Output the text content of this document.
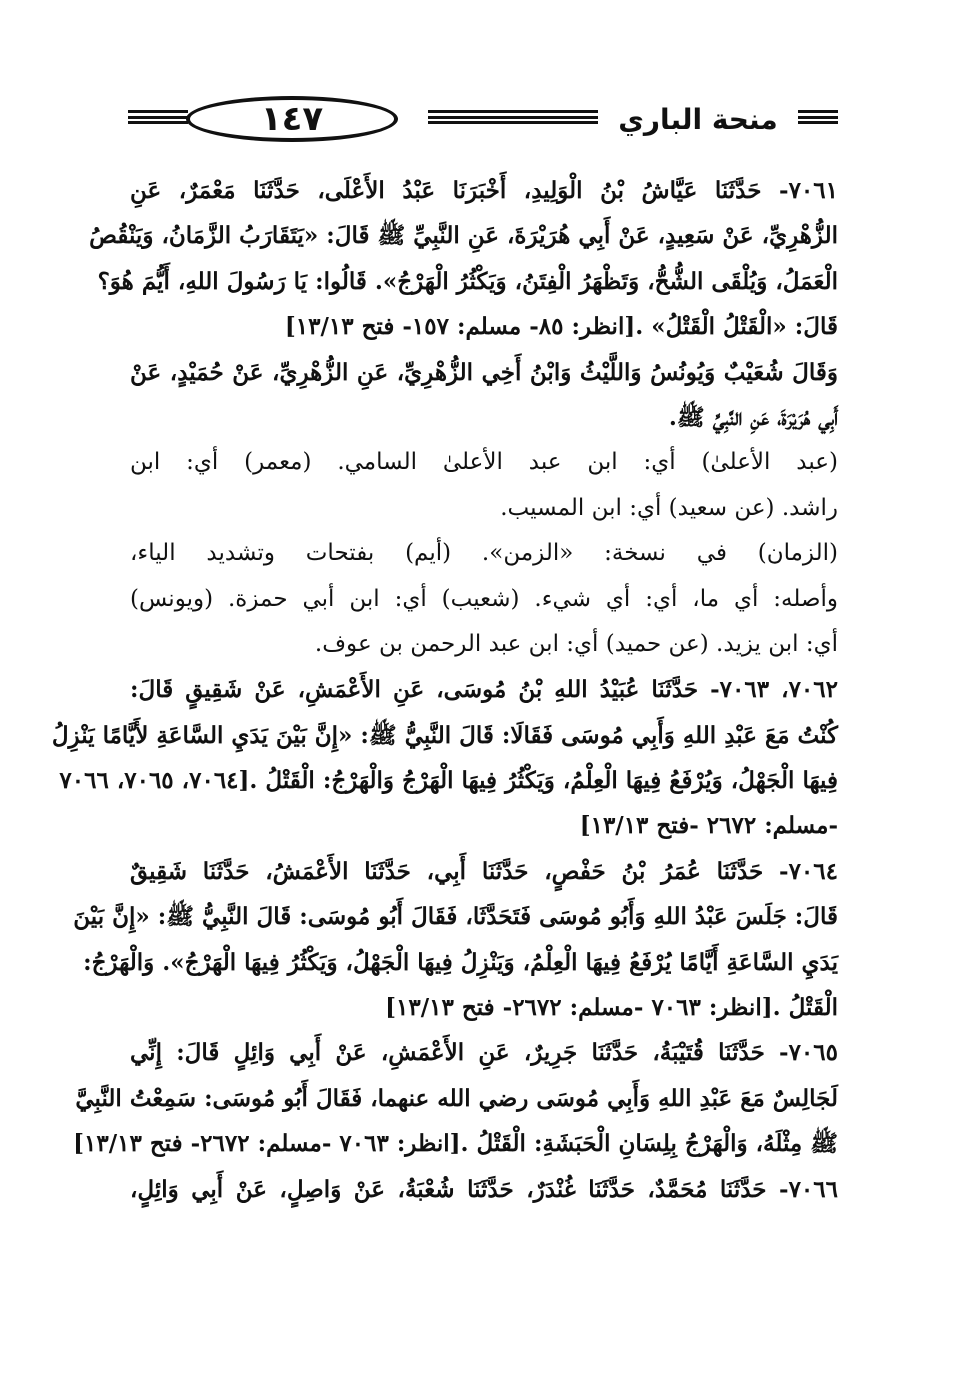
١٤٧	منحة الباري
٧٠٦١- حَدَّثَنَا عَيَّاشُ بْنُ الْوَلِيدِ، أَخْبَرَنَا عَبْدُ الأَعْلَى، حَدَّثَنَا مَعْمَرٌ، عَنِ
الزُّهْرِيِّ، عَنْ سَعِيدٍ، عَنْ أَبِي هُرَيْرَةَ، عَنِ النَّبِيِّ ﷺ قَالَ: «يَتَقَارَبُ الزَّمَانُ، وَيَنْقُصُ
الْعَمَلُ، وَيُلْقَى الشُّحُّ، وَتَظْهَرُ الْفِتَنُ، وَيَكْثُرُ الْهَرْجُ». قَالُوا: يَا رَسُولَ اللهِ، أَيُّمَ هُوَ؟
قَالَ: «الْقَتْلُ الْقَتْلُ» .[انظر: ٨٥- مسلم: ١٥٧- فتح ١٣/١٣]
وَقَالَ شُعَيْبٌ وَيُونُسُ وَاللَّيْثُ وَابْنُ أَخِي الزُّهْرِيِّ، عَنِ الزُّهْرِيِّ، عَنْ حُمَيْدٍ، عَنْ
أَبِي هُرَيْرَةَ، عَنِ النَّبِيِّ ﷺ.
(عبد الأعلىٰ) أي: ابن عبد الأعلىٰ السامي. (معمر) أي: ابن
راشد. (عن سعيد) أي: ابن المسيب.
(الزمان) في نسخة: «الزمن». (أيم) بفتحات وتشديد الياء،
وأصله: أي ما، أي: أي شيء. (شعيب) أي: ابن أبي حمزة. (ويونس)
أي: ابن يزيد. (عن حميد) أي: ابن عبد الرحمن بن عوف.
٧٠٦٢، ٧٠٦٣- حَدَّثَنَا عُبَيْدُ اللهِ بْنُ مُوسَى، عَنِ الأَعْمَشِ، عَنْ شَقِيقٍ قَالَ:
كُنْتُ مَعَ عَبْدِ اللهِ وَأَبِي مُوسَى فَقَالَا: قَالَ النَّبِيُّ ﷺ: «إِنَّ بَيْنَ يَدَيِ السَّاعَةِ لأَيَّامًا يَنْزِلُ
فِيهَا الْجَهْلُ، وَيُرْفَعُ فِيهَا الْعِلْمُ، وَيَكْثُرُ فِيهَا الْهَرْجُ وَالْهَرْجُ: الْقَتْلُ .[٧٠٦٤، ٧٠٦٥، ٧٠٦٦
-مسلم: ٢٦٧٢ -فتح ١٣/١٣]
٧٠٦٤- حَدَّثَنَا عُمَرُ بْنُ حَفْصٍ، حَدَّثَنَا أَبِي، حَدَّثَنَا الأَعْمَشُ، حَدَّثَنَا شَقِيقٌ
قَالَ: جَلَسَ عَبْدُ اللهِ وَأَبُو مُوسَى فَتَحَدَّثَا، فَقَالَ أَبُو مُوسَى: قَالَ النَّبِيُّ ﷺ: «إِنَّ بَيْنَ
يَدَيِ السَّاعَةِ أَيَّامًا يُرْفَعُ فِيهَا الْعِلْمُ، وَيَنْزِلُ فِيهَا الْجَهْلُ، وَيَكْثُرُ فِيهَا الْهَرْجُ». وَالْهَرْجُ:
الْقَتْلُ .[انظر: ٧٠٦٣ -مسلم: ٢٦٧٢- فتح ١٣/١٣]
٧٠٦٥- حَدَّثَنَا قُتَيْبَةُ، حَدَّثَنَا جَرِيرٌ، عَنِ الأَعْمَشِ، عَنْ أَبِي وَائِلٍ قَالَ: إِنِّي
لَجَالِسٌ مَعَ عَبْدِ اللهِ وَأَبِي مُوسَى رضي الله عنهما، فَقَالَ أَبُو مُوسَى: سَمِعْتُ النَّبِيَّ
ﷺ مِثْلَهُ، وَالْهَرْجُ بِلِسَانِ الْحَبَشَةِ: الْقَتْلُ .[انظر: ٧٠٦٣ -مسلم: ٢٦٧٢- فتح ١٣/١٣]
٧٠٦٦- حَدَّثَنَا مُحَمَّدٌ، حَدَّثَنَا غُنْدَرٌ، حَدَّثَنَا شُعْبَةُ، عَنْ وَاصِلٍ، عَنْ أَبِي وَائِلٍ،
